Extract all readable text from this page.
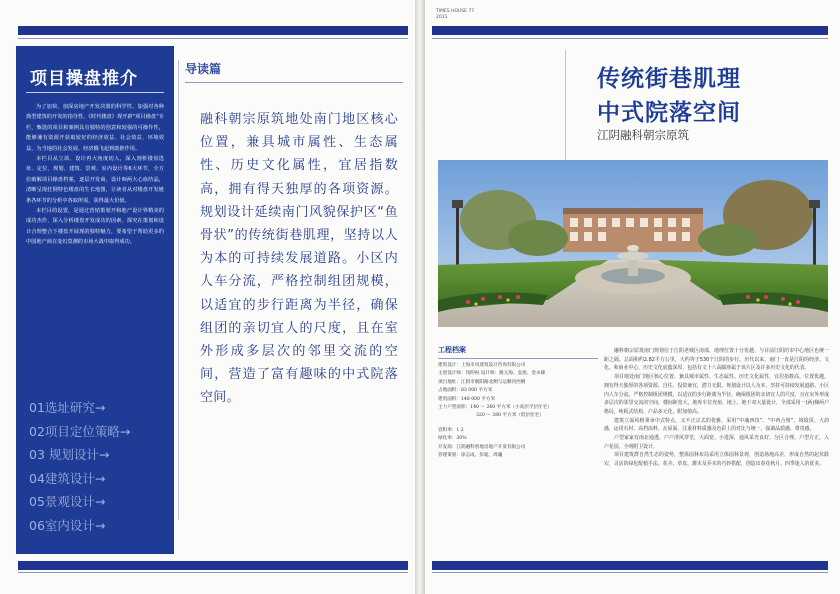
项目操盘推介

为了加快、加深房地产开发决策的科学性、加强对各种典型建筑的开发的指导性，《时代楼盘》现开辟“项目操盘”专栏，甄选的项目和案例具有独特的创意和较强的可操作性，能够兼有资源开获取较好的经济效益、社会效益、环境效益，为当地的社会发展、经济腾飞起到助推作用。

本栏目从立项、设计再大角度切入，深入剖析楼盘选址、定位、规划、建筑、景观、室内设计等6大环节，全方位破解项目操盘档案，逐层开发商、设计师两大心血结晶，清晰呈现狂钢特色楼盘的生长地图，让读者从对楼盘开发链条各环节的分析中各取所需，获得最大价值。

本栏目的设置，是通过营销策划开和地产设计界精美的成功杰作，深入分析楼盘开发成功的因素，探究在策划和设计合理整合下楼盘开展现的独特魅力，要希望于帮助更多的中国地产商在变幻莫测的市场大战中取得成功。

01选址研究→
02项目定位策略→
03 规划设计→
04建筑设计→
05景观设计→
06室内设计→
导读篇
融科朝宗原筑地处南门地区核心位置，兼具城市属性、生态属性、历史文化属性，宜居指数高，拥有得天独厚的各项资源。规划设计延续南门风貌保护区“鱼骨状”的传统街巷肌理，坚持以人为本的可持续发展道路。小区内人车分流，严格控制组团规模，以适宜的步行距离为半径，确保组团的亲切宜人的尺度，且在室外形成多层次的邻里交流的空间，营造了富有趣味的中式院落空间。
TIMES HOUSE 77
2011
传统街巷肌理
中式院落空间
江阴融科朝宗原筑
工程档案
建筑设计：上海市风迷筑设计咨询有限公司
主创设计师：钱明祝 设计师：姚元海、袁煜、金永棣
项目地址：江阴市朝阳路北侧与运顺河西侧
占地面积：83 000 平方米
建筑面积：148 000 平方米
主力户型面积：140 ～ 260 平方米（小高层平层住宅）
320 ～ 380 平方米（低层住宅）
容积率：1.2
绿化率：30%
开发商：江阴融科智地房地产开发有限公司
管理策划：徐志成、彭迪、周巍

融科朝宗原筑南门规划位于江阴老城区南部，地理位置十分优越，与目前江阴的市中心地区也统一距之隔。总面积约2.82平方公里，大约等于530个江阴的步行。历代以来，南门一直是江阴的经济、文化、和商业中心，历史文化底蕴深厚，包括有文十八高邮座属于该片区及许多历史文化的代表。

项目地处南门地区核心位置，兼具城市属性、生态属性、历史文化属性，宜居指数高，位置优越，拥有得天独厚的各项资源。自住、投资兼宜，潜力无限。规划设计以人为本，坚持可持续发展道路。小区内人车分流，严格控制组团规模，以适宜的步行距离为半径，确保组团的亲切宜人的尺度，且在室外形成多层次的邻里交流的空间，楼间距宽大，地库车位充裕，地上、地下双大量设计，全部采用一(两)梯两户格局，纯板式结构，户品多元化，附加值高。

建筑立面风格秉承中式特点，又不正宗式的优雅，采用“中魂西技”、“中西合璧”，境镜顶、大韵感，运用石材、高档涂料、瓦屋面，注重材料质感及色彩上的对比与统一，强调品质感、尊贵感。

户型家家有南北通透，户户清风穿堂，大面宽、小进深，通风采光良好，分区合理，户型方正，入户花园，全明附卫设计。

项目建筑群自然生态的姿势，整体园林布局采用立体园林景观，创造场地高差，形成自然的起伏跌宕，灵活的绿化配植手法，花卉、草皮、灌木及乔木的巧妙搭配，创造出春花秋月、四季迷人的优美。
